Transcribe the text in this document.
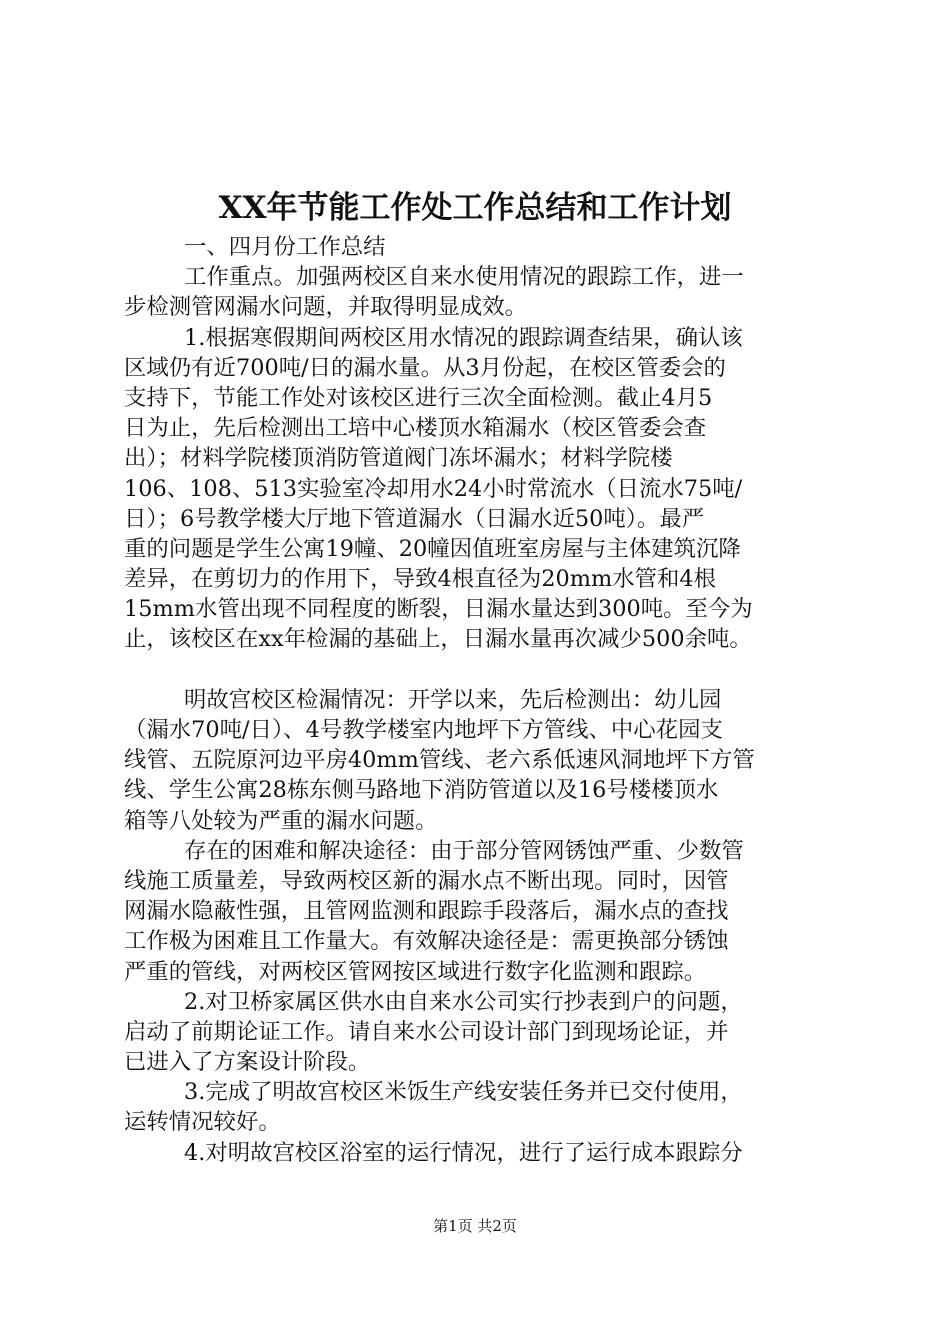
XX年节能工作处工作总结和工作计划
一、四月份工作总结
工作重点。加强两校区自来水使用情况的跟踪工作，进一
步检测管网漏水问题，并取得明显成效。
1.根据寒假期间两校区用水情况的跟踪调查结果，确认该
区域仍有近700吨/日的漏水量。从3月份起，在校区管委会的
支持下，节能工作处对该校区进行三次全面检测。截止4月5
日为止，先后检测出工培中心楼顶水箱漏水（校区管委会查
出）；材料学院楼顶消防管道阀门冻坏漏水；材料学院楼
106、108、513实验室冷却用水24小时常流水（日流水75吨/
日）；6号教学楼大厅地下管道漏水（日漏水近50吨）。最严
重的问题是学生公寓19幢、20幢因值班室房屋与主体建筑沉降
差异，在剪切力的作用下，导致4根直径为20mm水管和4根
15mm水管出现不同程度的断裂，日漏水量达到300吨。至今为
止，该校区在xx年检漏的基础上，日漏水量再次减少500余吨。
明故宫校区检漏情况：开学以来，先后检测出：幼儿园
（漏水70吨/日）、4号教学楼室内地坪下方管线、中心花园支
线管、五院原河边平房40mm管线、老六系低速风洞地坪下方管
线、学生公寓28栋东侧马路地下消防管道以及16号楼楼顶水
箱等八处较为严重的漏水问题。
存在的困难和解决途径：由于部分管网锈蚀严重、少数管
线施工质量差，导致两校区新的漏水点不断出现。同时，因管
网漏水隐蔽性强，且管网监测和跟踪手段落后，漏水点的查找
工作极为困难且工作量大。有效解决途径是：需更换部分锈蚀
严重的管线，对两校区管网按区域进行数字化监测和跟踪。
2.对卫桥家属区供水由自来水公司实行抄表到户的问题，
启动了前期论证工作。请自来水公司设计部门到现场论证，并
已进入了方案设计阶段。
3.完成了明故宫校区米饭生产线安装任务并已交付使用，
运转情况较好。
4.对明故宫校区浴室的运行情况，进行了运行成本跟踪分
第1页 共2页
